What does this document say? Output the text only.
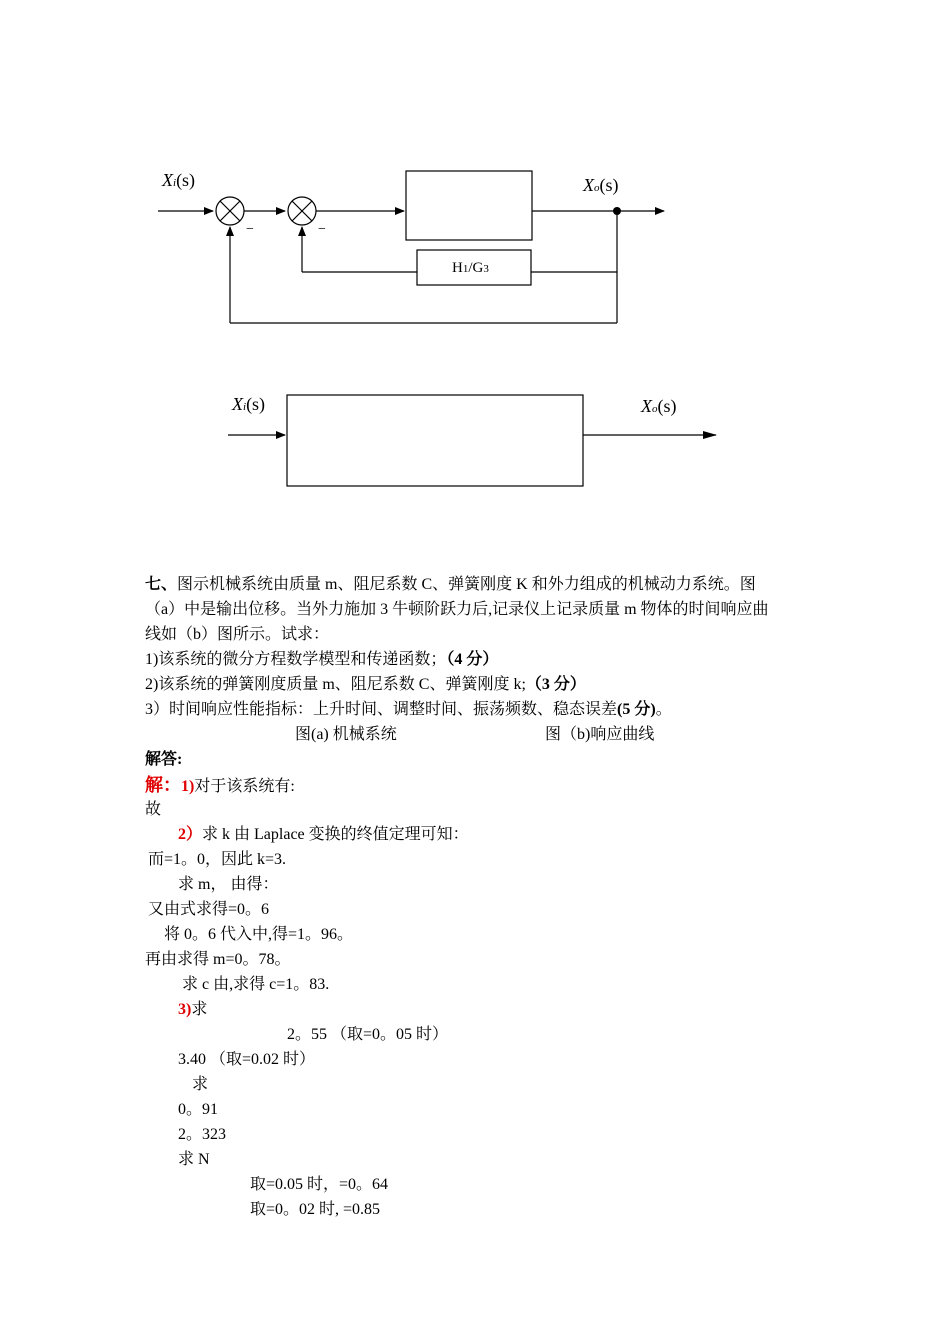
Xi(s)	Xo(s)
−	−
H1/G3
Xi(s)	Xo(s)
七、图示机械系统由质量 m、阻尼系数 C、弹簧刚度 K 和外力组成的机械动力系统。图
（a）中是输出位移。当外力施加 3 牛顿阶跃力后,记录仪上记录质量 m 物体的时间响应曲
线如（b）图所示。试求：
1)该系统的微分方程数学模型和传递函数；（4 分）
2)该系统的弹簧刚度质量 m、阻尼系数 C、弹簧刚度 k;（3 分）
3）时间响应性能指标：上升时间、调整时间、振荡频数、稳态误差(5 分)。
图(a) 机械系统	图（b)响应曲线
解答:
解：1)对于该系统有:
故
2）求 k 由 Laplace 变换的终值定理可知：
而=1。0，因此 k=3.
求 m， 由得：
又由式求得=0。6
将 0。6 代入中,得=1。96。
再由求得 m=0。78。
求 c 由,求得 c=1。83.
3)求
2。55 （取=0。05 时）
3.40 （取=0.02 时）
求
0。91
2。323
求 N
取=0.05 时，=0。64
取=0。02 时, =0.85
